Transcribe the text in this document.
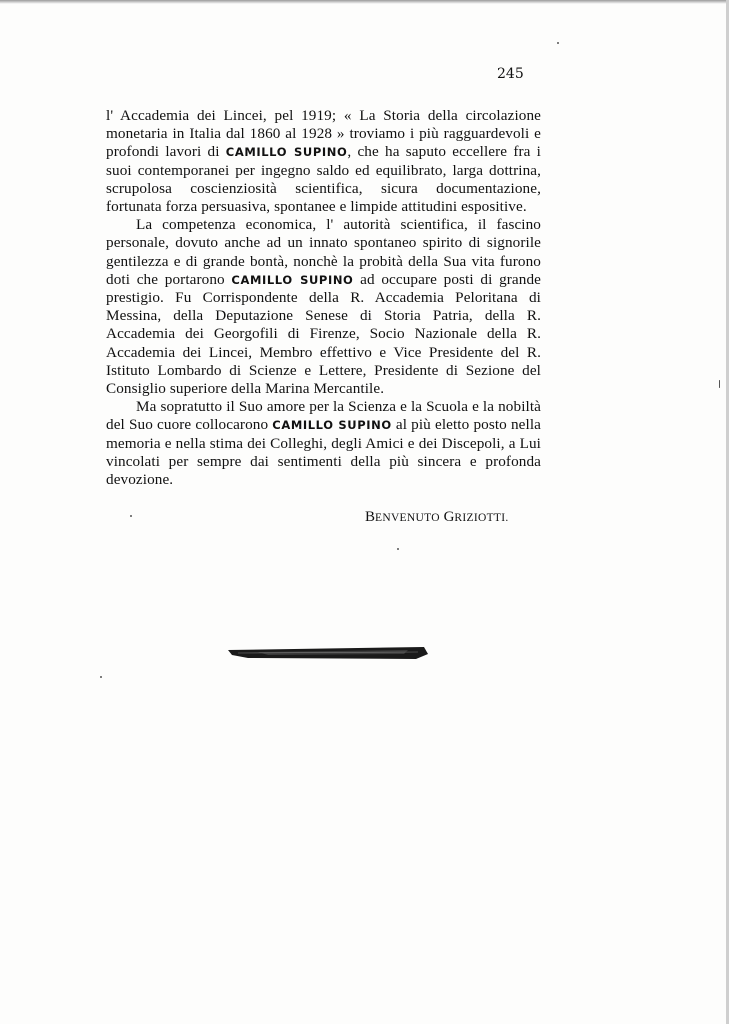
245

l' Accademia dei Lincei, pel 1919; « La Storia della circolazione monetaria in Italia dal 1860 al 1928 » troviamo i più ragguardevoli e profondi lavori di CAMILLO SUPINO, che ha saputo eccellere fra i suoi contemporanei per ingegno saldo ed equilibrato, larga dottrina, scrupolosa coscienziosità scientifica, sicura documentazione, fortunata forza persuasiva, spontanee e limpide attitudini espositive.

La competenza economica, l' autorità scientifica, il fascino personale, dovuto anche ad un innato spontaneo spirito di signorile gentilezza e di grande bontà, nonchè la probità della Sua vita furono doti che portarono CAMILLO SUPINO ad occupare posti di grande prestigio. Fu Corrispondente della R. Accademia Peloritana di Messina, della Deputazione Senese di Storia Patria, della R. Accademia dei Georgofili di Firenze, Socio Nazionale della R. Accademia dei Lincei, Membro effettivo e Vice Presidente del R. Istituto Lombardo di Scienze e Lettere, Presidente di Sezione del Consiglio superiore della Marina Mercantile.

Ma sopratutto il Suo amore per la Scienza e la Scuola e la nobiltà del Suo cuore collocarono CAMILLO SUPINO al più eletto posto nella memoria e nella stima dei Colleghi, degli Amici e dei Discepoli, a Lui vincolati per sempre dai sentimenti della più sincera e profonda devozione.

BENVENUTO GRIZIOTTI.
